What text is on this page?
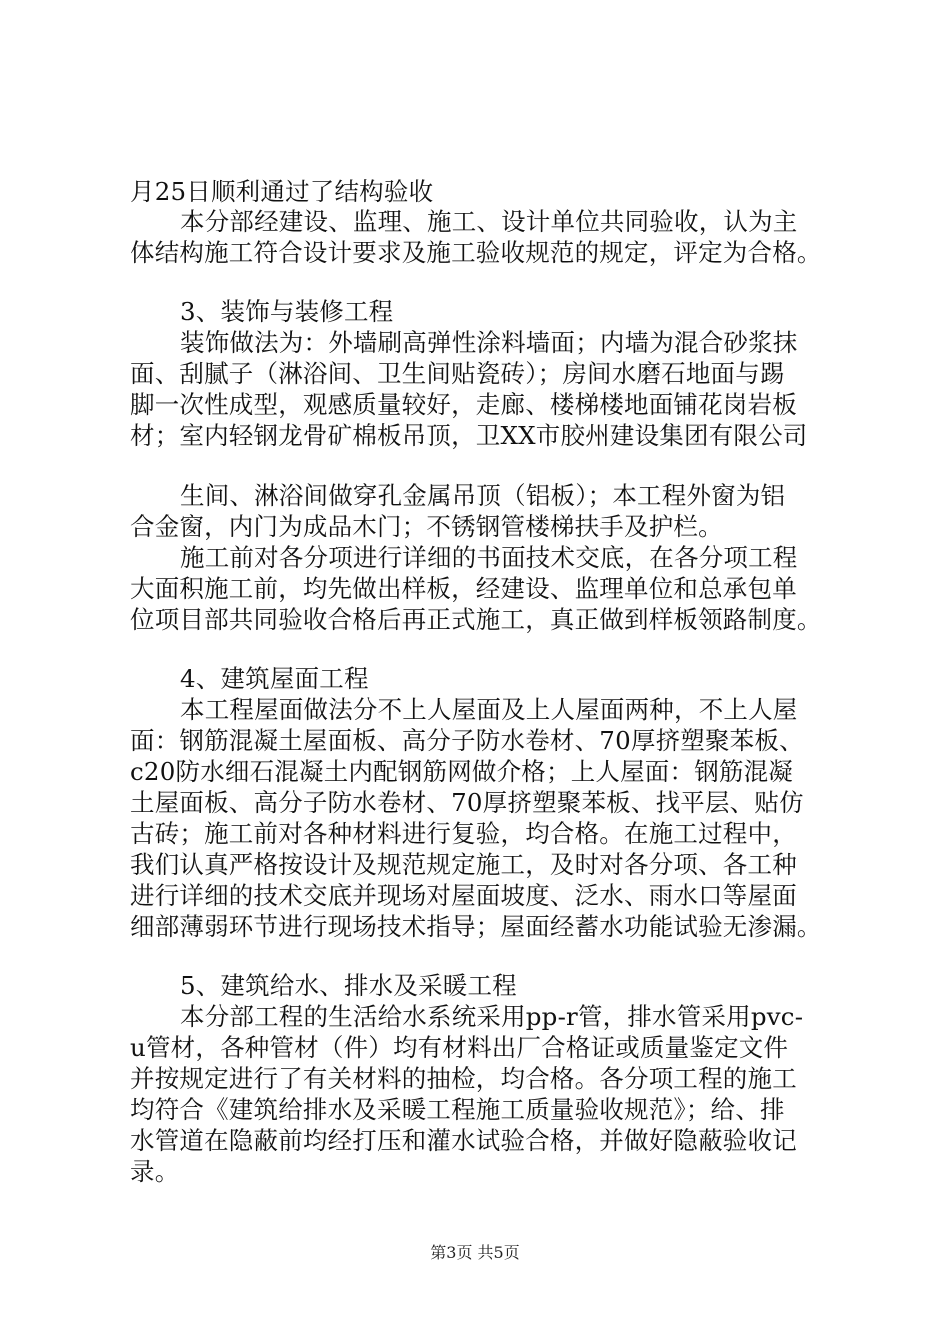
月25日顺利通过了结构验收
本分部经建设、监理、施工、设计单位共同验收，认为主
体结构施工符合设计要求及施工验收规范的规定，评定为合格。
3、装饰与装修工程
装饰做法为：外墙刷高弹性涂料墙面；内墙为混合砂浆抹
面、刮腻子（淋浴间、卫生间贴瓷砖）；房间水磨石地面与踢
脚一次性成型，观感质量较好，走廊、楼梯楼地面铺花岗岩板
材；室内轻钢龙骨矿棉板吊顶，卫XX市胶州建设集团有限公司
生间、淋浴间做穿孔金属吊顶（铝板）；本工程外窗为铝
合金窗，内门为成品木门；不锈钢管楼梯扶手及护栏。
施工前对各分项进行详细的书面技术交底，在各分项工程
大面积施工前，均先做出样板，经建设、监理单位和总承包单
位项目部共同验收合格后再正式施工，真正做到样板领路制度。
4、建筑屋面工程
本工程屋面做法分不上人屋面及上人屋面两种，不上人屋
面：钢筋混凝土屋面板、高分子防水卷材、70厚挤塑聚苯板、
c20防水细石混凝土内配钢筋网做介格；上人屋面：钢筋混凝
土屋面板、高分子防水卷材、70厚挤塑聚苯板、找平层、贴仿
古砖；施工前对各种材料进行复验，均合格。在施工过程中，
我们认真严格按设计及规范规定施工，及时对各分项、各工种
进行详细的技术交底并现场对屋面坡度、泛水、雨水口等屋面
细部薄弱环节进行现场技术指导；屋面经蓄水功能试验无渗漏。
5、建筑给水、排水及采暖工程
本分部工程的生活给水系统采用pp-r管，排水管采用pvc-
u管材，各种管材（件）均有材料出厂合格证或质量鉴定文件
并按规定进行了有关材料的抽检，均合格。各分项工程的施工
均符合《建筑给排水及采暖工程施工质量验收规范》；给、排
水管道在隐蔽前均经打压和灌水试验合格，并做好隐蔽验收记
录。
第3页 共5页
